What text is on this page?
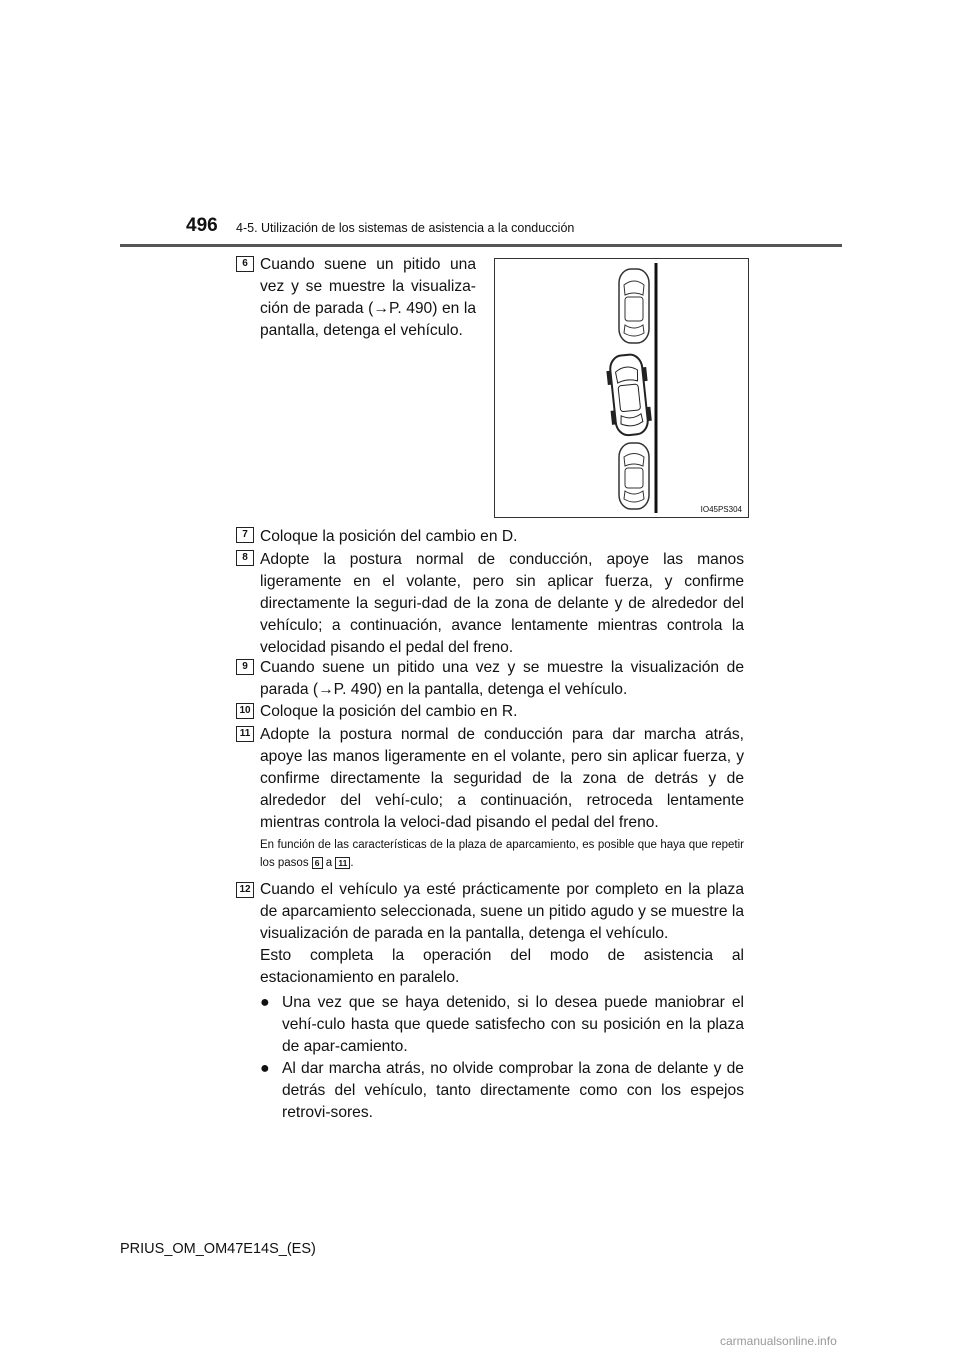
496 4-5. Utilización de los sistemas de asistencia a la conducción
6 Cuando suene un pitido una vez y se muestre la visualiza-ción de parada (→P. 490) en la pantalla, detenga el vehículo.
IO45PS304
7 Coloque la posición del cambio en D.
8 Adopte la postura normal de conducción, apoye las manos ligeramente en el volante, pero sin aplicar fuerza, y confirme directamente la seguri-dad de la zona de delante y de alrededor del vehículo; a continuación, avance lentamente mientras controla la velocidad pisando el pedal del freno.
9 Cuando suene un pitido una vez y se muestre la visualización de parada (→P. 490) en la pantalla, detenga el vehículo.
10 Coloque la posición del cambio en R.
11 Adopte la postura normal de conducción para dar marcha atrás, apoye las manos ligeramente en el volante, pero sin aplicar fuerza, y confirme directamente la seguridad de la zona de detrás y de alrededor del vehí-culo; a continuación, retroceda lentamente mientras controla la veloci-dad pisando el pedal del freno.
En función de las características de la plaza de aparcamiento, es posible que haya que repetir los pasos 6 a 11 .
12 Cuando el vehículo ya esté prácticamente por completo en la plaza de aparcamiento seleccionada, suene un pitido agudo y se muestre la visualización de parada en la pantalla, detenga el vehículo.
Esto completa la operación del modo de asistencia al estacionamiento en paralelo.
● Una vez que se haya detenido, si lo desea puede maniobrar el vehí-culo hasta que quede satisfecho con su posición en la plaza de apar-camiento.
● Al dar marcha atrás, no olvide comprobar la zona de delante y de detrás del vehículo, tanto directamente como con los espejos retrovi-sores.
PRIUS_OM_OM47E14S_(ES)
carmanualsonline.info
